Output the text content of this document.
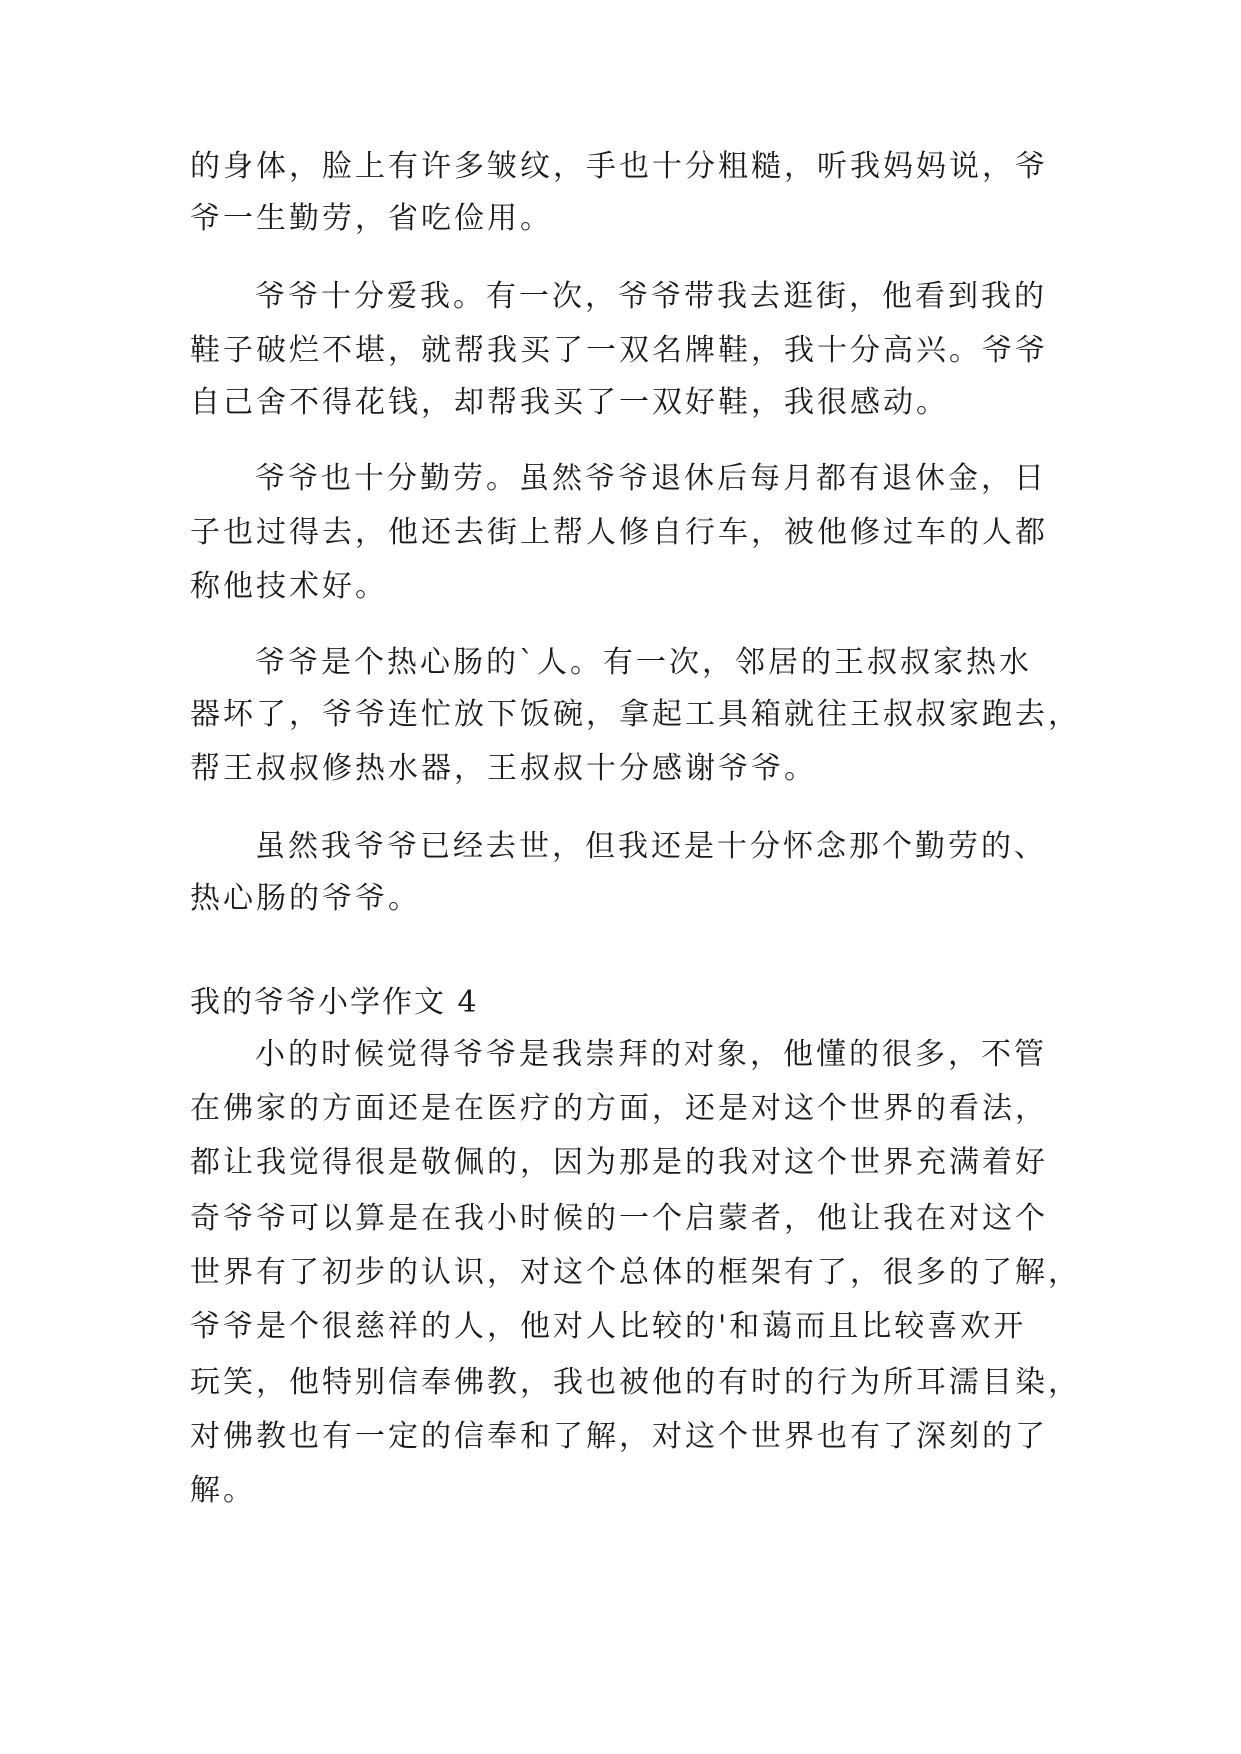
的身体，脸上有许多皱纹，手也十分粗糙，听我妈妈说，爷

爷一生勤劳，省吃俭用。

爷爷十分爱我。有一次，爷爷带我去逛街，他看到我的

鞋子破烂不堪，就帮我买了一双名牌鞋，我十分高兴。爷爷

自己舍不得花钱，却帮我买了一双好鞋，我很感动。

爷爷也十分勤劳。虽然爷爷退休后每月都有退休金，日

子也过得去，他还去街上帮人修自行车，被他修过车的人都

称他技术好。

爷爷是个热心肠的`人。有一次，邻居的王叔叔家热水

器坏了，爷爷连忙放下饭碗，拿起工具箱就往王叔叔家跑去，

帮王叔叔修热水器，王叔叔十分感谢爷爷。

虽然我爷爷已经去世，但我还是十分怀念那个勤劳的、

热心肠的爷爷。

我的爷爷小学作文 4

小的时候觉得爷爷是我崇拜的对象，他懂的很多，不管

在佛家的方面还是在医疗的方面，还是对这个世界的看法，

都让我觉得很是敬佩的，因为那是的我对这个世界充满着好

奇爷爷可以算是在我小时候的一个启蒙者，他让我在对这个

世界有了初步的认识，对这个总体的框架有了，很多的了解，

爷爷是个很慈祥的人，他对人比较的'和蔼而且比较喜欢开

玩笑，他特别信奉佛教，我也被他的有时的行为所耳濡目染，

对佛教也有一定的信奉和了解，对这个世界也有了深刻的了

解。
